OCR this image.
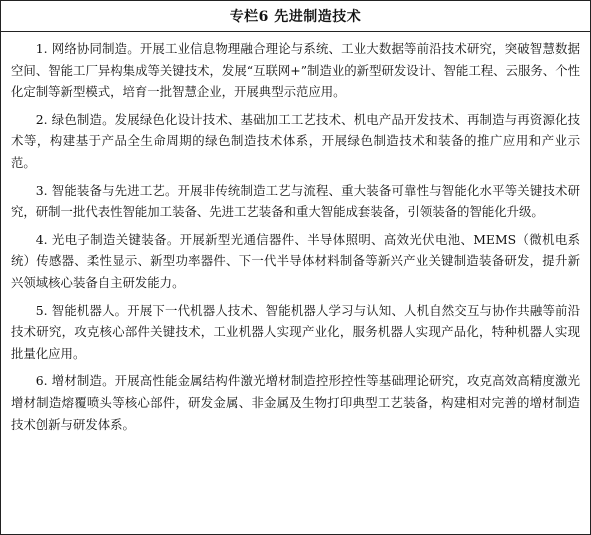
专栏6 先进制造技术

1. 网络协同制造。开展工业信息物理融合理论与系统、工业大数据等前沿技术研究，突破智慧数据空间、智能工厂异构集成等关键技术，发展“互联网+”制造业的新型研发设计、智能工程、云服务、个性化定制等新型模式，培育一批智慧企业，开展典型示范应用。

2. 绿色制造。发展绿色化设计技术、基础加工工艺技术、机电产品开发技术、再制造与再资源化技术等，构建基于产品全生命周期的绿色制造技术体系，开展绿色制造技术和装备的推广应用和产业示范。

3. 智能装备与先进工艺。开展非传统制造工艺与流程、重大装备可靠性与智能化水平等关键技术研究，研制一批代表性智能加工装备、先进工艺装备和重大智能成套装备，引领装备的智能化升级。

4. 光电子制造关键装备。开展新型光通信器件、半导体照明、高效光伏电池、MEMS（微机电系统）传感器、柔性显示、新型功率器件、下一代半导体材料制备等新兴产业关键制造装备研发，提升新兴领域核心装备自主研发能力。

5. 智能机器人。开展下一代机器人技术、智能机器人学习与认知、人机自然交互与协作共融等前沿技术研究，攻克核心部件关键技术，工业机器人实现产业化，服务机器人实现产品化，特种机器人实现批量化应用。

6. 增材制造。开展高性能金属结构件激光增材制造控形控性等基础理论研究，攻克高效高精度激光增材制造熔覆喷头等核心部件，研发金属、非金属及生物打印典型工艺装备，构建相对完善的增材制造技术创新与研发体系。
